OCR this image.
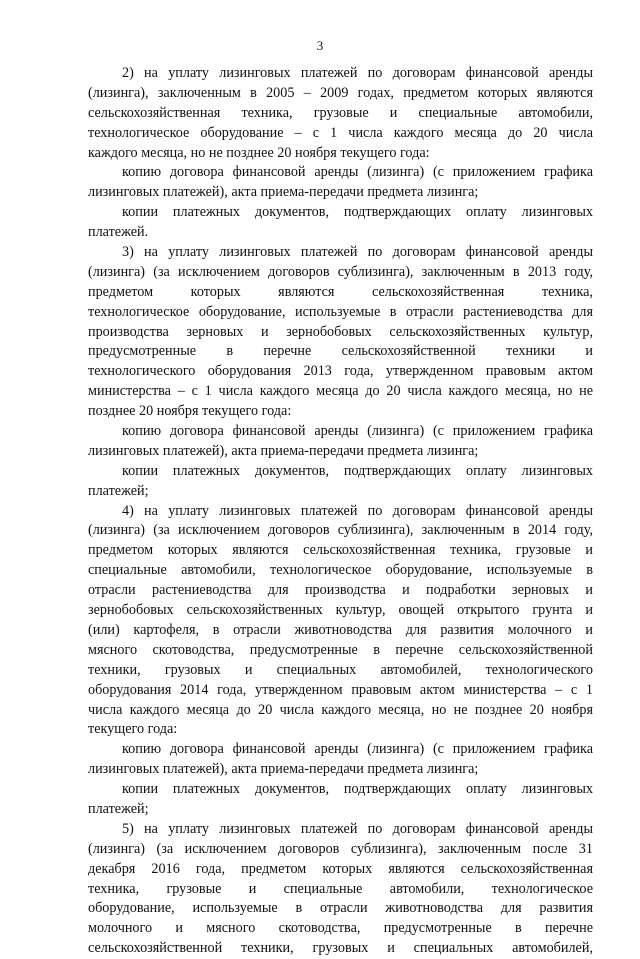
3
2) на уплату лизинговых платежей по договорам финансовой аренды
(лизинга), заключенным в 2005 – 2009 годах, предметом которых являются
сельскохозяйственная техника, грузовые и специальные автомобили,
технологическое оборудование – с 1 числа каждого месяца до 20 числа
каждого месяца, но не позднее 20 ноября текущего года:
копию договора финансовой аренды (лизинга) (с приложением графика
лизинговых платежей), акта приема-передачи предмета лизинга;
копии платежных документов, подтверждающих оплату лизинговых
платежей.
3) на уплату лизинговых платежей по договорам финансовой аренды
(лизинга) (за исключением договоров сублизинга), заключенным в 2013 году,
предметом которых являются сельскохозяйственная техника,
технологическое оборудование, используемые в отрасли растениеводства для
производства зерновых и зернобобовых сельскохозяйственных культур,
предусмотренные в перечне сельскохозяйственной техники и
технологического оборудования 2013 года, утвержденном правовым актом
министерства – с 1 числа каждого месяца до 20 числа каждого месяца, но не
позднее 20 ноября текущего года:
копию договора финансовой аренды (лизинга) (с приложением графика
лизинговых платежей), акта приема-передачи предмета лизинга;
копии платежных документов, подтверждающих оплату лизинговых
платежей;
4) на уплату лизинговых платежей по договорам финансовой аренды
(лизинга) (за исключением договоров сублизинга), заключенным в 2014 году,
предметом которых являются сельскохозяйственная техника, грузовые и
специальные автомобили, технологическое оборудование, используемые в
отрасли растениеводства для производства и подработки зерновых и
зернобобовых сельскохозяйственных культур, овощей открытого грунта и
(или) картофеля, в отрасли животноводства для развития молочного и
мясного скотоводства, предусмотренные в перечне сельскохозяйственной
техники, грузовых и специальных автомобилей, технологического
оборудования 2014 года, утвержденном правовым актом министерства – с 1
числа каждого месяца до 20 числа каждого месяца, но не позднее 20 ноября
текущего года:
копию договора финансовой аренды (лизинга) (с приложением графика
лизинговых платежей), акта приема-передачи предмета лизинга;
копии платежных документов, подтверждающих оплату лизинговых
платежей;
5) на уплату лизинговых платежей по договорам финансовой аренды
(лизинга) (за исключением договоров сублизинга), заключенным после 31
декабря 2016 года, предметом которых являются сельскохозяйственная
техника, грузовые и специальные автомобили, технологическое
оборудование, используемые в отрасли животноводства для развития
молочного и мясного скотоводства, предусмотренные в перечне
сельскохозяйственной техники, грузовых и специальных автомобилей,
